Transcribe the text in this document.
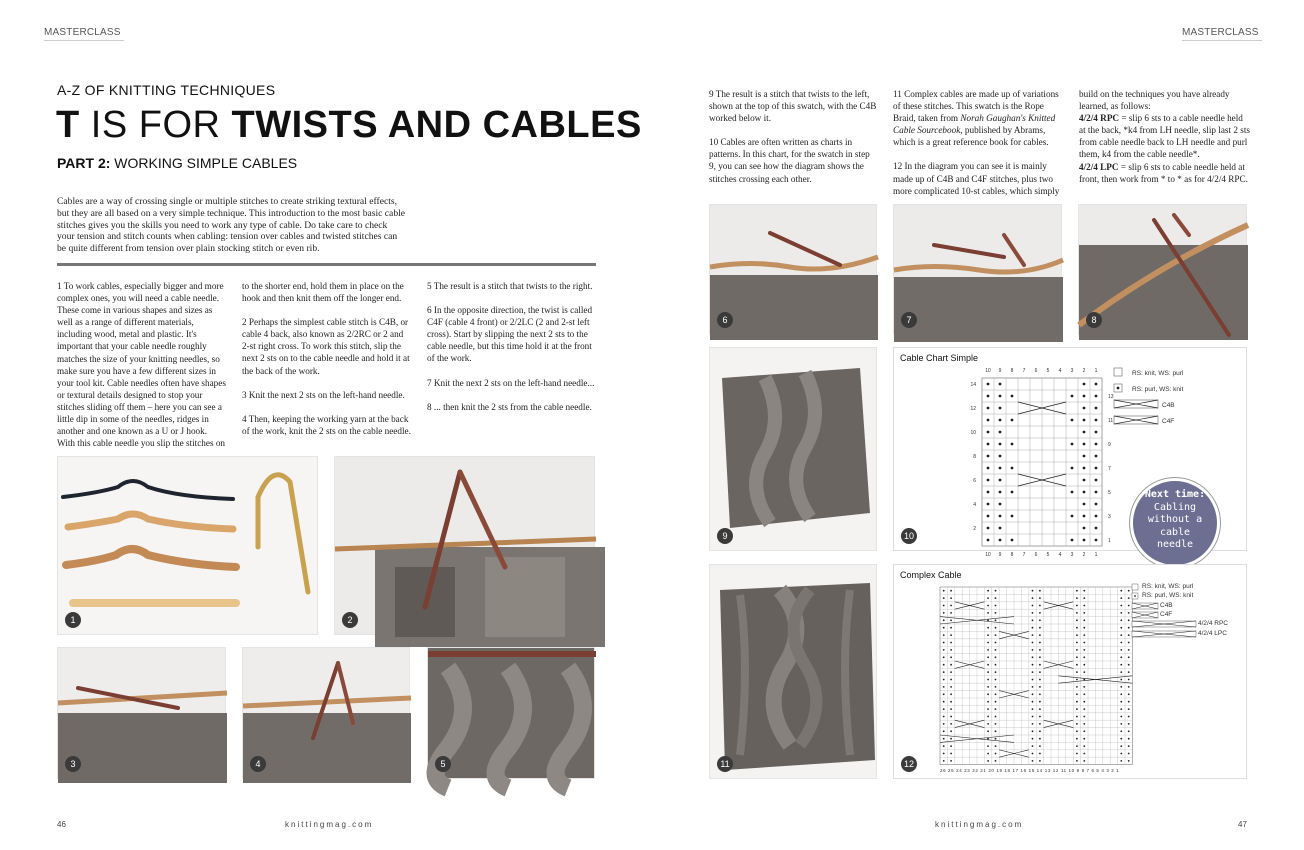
MASTERCLASS	MASTERCLASS
A-Z OF KNITTING TECHNIQUES
T IS FOR TWISTS AND CABLES
PART 2: WORKING SIMPLE CABLES
Cables are a way of crossing single or multiple stitches to create striking textural effects, but they are all based on a very simple technique. This introduction to the most basic cable stitches gives you the skills you need to work any type of cable. Do take care to check your tension and stitch counts when cabling: tension over cables and twisted stitches can be quite different from tension over plain stocking stitch or even rib.

1 To work cables, especially bigger and more complex ones, you will need a cable needle. These come in various shapes and sizes as well as a range of different materials, including wood, metal and plastic. It's important that your cable needle roughly matches the size of your knitting needles, so make sure you have a few different sizes in your tool kit. Cable needles often have shapes or textural details designed to stop your stitches sliding off them – here you can see a little dip in some of the needles, ridges in another and one known as a U or J hook. With this cable needle you slip the stitches on

to the shorter end, hold them in place on the hook and then knit them off the longer end.

2 Perhaps the simplest cable stitch is C4B, or cable 4 back, also known as 2/2RC or 2 and 2-st right cross. To work this stitch, slip the next 2 sts on to the cable needle and hold it at the back of the work.

3 Knit the next 2 sts on the left-hand needle.

4 Then, keeping the working yarn at the back of the work, knit the 2 sts on the cable needle.

5 The result is a stitch that twists to the right.

6 In the opposite direction, the twist is called C4F (cable 4 front) or 2/2LC (2 and 2-st left cross). Start by slipping the next 2 sts to the cable needle, but this time hold it at the front of the work.

7 Knit the next 2 sts on the left-hand needle...

8 ... then knit the 2 sts from the cable needle.

1	2
3	4	5

9 The result is a stitch that twists to the left, shown at the top of this swatch, with the C4B worked below it.

10 Cables are often written as charts in patterns. In this chart, for the swatch in step 9, you can see how the diagram shows the stitches crossing each other.

11 Complex cables are made up of variations of these stitches. This swatch is the Rope Braid, taken from Norah Gaughan's Knitted Cable Sourcebook, published by Abrams, which is a great reference book for cables.

12 In the diagram you can see it is mainly made up of C4B and C4F stitches, plus two more complicated 10-st cables, which simply

build on the techniques you have already learned, as follows:

4/2/4 RPC = slip 6 sts to a cable needle held at the back, *k4 from LH needle, slip last 2 sts from cable needle back to LH needle and purl them, k4 from the cable needle*.

4/2/4 LPC = slip 6 sts to cable needle held at front, then work from * to * as for 4/2/4 RPC.

6	7	8
9
Cable Chart Simple
10
10
9
9
8
8
7
7
6
6
5
5
4
4
3
3
2
2
1
1
14
12
10
8
6
4
2
13
11
9
7
5
3
1
RS: knit, WS: purl
RS: purl, WS: knit
C4B
C4F
10
Next time:
Cabling
without a
cable
needle
11
Complex Cable
RS: knit, WS: purl
RS: purl, WS: knit
C4B
C4F
4/2/4 RPC
4/2/4 LPC
26 25 24 23 22 21 20 19 18 17 16 15 14 13 12 11 10 9 8 7 6 5 4 3 2 1
12
46	knittingmag.com	knittingmag.com	47
